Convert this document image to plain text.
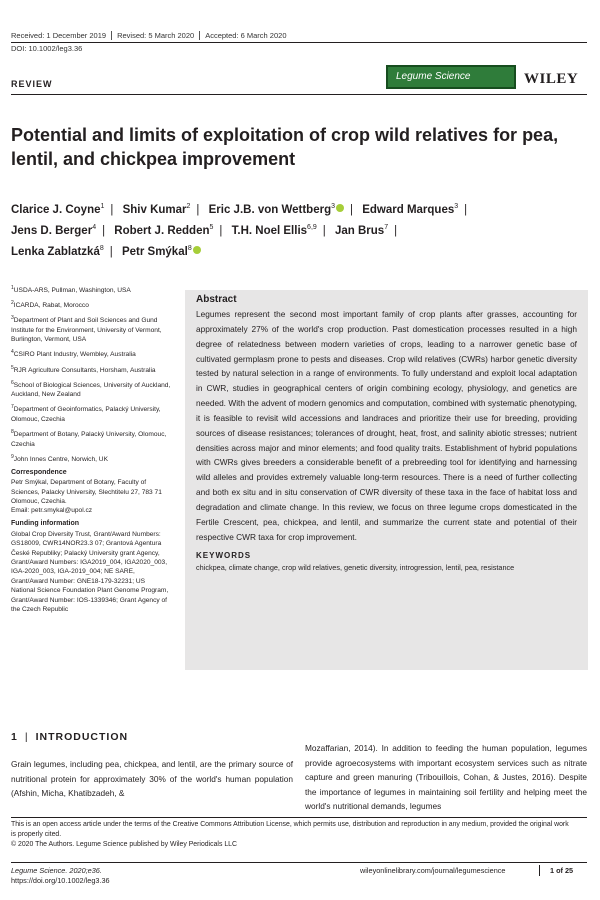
Received: 1 December 2019 Revised: 5 March 2020 Accepted: 6 March 2020
DOI: 10.1002/leg3.36
REVIEW
Legume Science	WILEY
Potential and limits of exploitation of crop wild relatives for pea, lentil, and chickpea improvement
Clarice J. Coyne$^1$ | Shiv Kumar$^2$ | Eric J.B. von Wettberg$^3$ | Edward Marques$^3$ |
Jens D. Berger$^4$ | Robert J. Redden$^5$ | T.H. Noel Ellis$^{6,9}$ | Jan Brus$^7$ |
Lenka Zablatzká$^8$ | Petr Smýkal$^8$

$^1$USDA-ARS, Pullman, Washington, USA

$^2$ICARDA, Rabat, Morocco

$^3$Department of Plant and Soil Sciences and Gund Institute for the Environment, University of Vermont, Burlington, Vermont, USA

$^4$CSIRO Plant Industry, Wembley, Australia

$^5$RJR Agriculture Consultants, Horsham, Australia

$^6$School of Biological Sciences, University of Auckland, Auckland, New Zealand

$^7$Department of Geoinformatics, Palacký University, Olomouc, Czechia

$^8$Department of Botany, Palacký University, Olomouc, Czechia

$^9$John Innes Centre, Norwich, UK

Correspondence

Petr Smýkal, Department of Botany, Faculty of Sciences, Palacky University, Slechtitelu 27, 783 71 Olomouc, Czechia.
Email: petr.smykal@upol.cz

Funding information

Global Crop Diversity Trust, Grant/Award Numbers: GS18009, CWR14NOR23.3 07; Grantová Agentura České Republiky; Palacký University grant Agency, Grant/Award Numbers: IGA2019_004, IGA2020_003, IGA-2020_003, IGA-2019_004; NE SARE, Grant/Award Number: GNE18-179-32231; US National Science Foundation Plant Genome Program, Grant/Award Number: IOS-1339346; Grant Agency of the Czech Republic

Abstract
Legumes represent the second most important family of crop plants after grasses, accounting for approximately 27% of the world's crop production. Past domestication processes resulted in a high degree of relatedness between modern varieties of crops, leading to a narrower genetic base of cultivated germplasm prone to pests and diseases. Crop wild relatives (CWRs) harbor genetic diversity tested by natural selection in a range of environments. To fully understand and exploit local adaptation in CWR, studies in geographical centers of origin combining ecology, physiology, and genetics are needed. With the advent of modern genomics and computation, combined with systematic phenotyping, it is feasible to revisit wild accessions and landraces and prioritize their use for breeding, providing sources of disease resistances; tolerances of drought, heat, frost, and salinity abiotic stresses; nutrient densities across major and minor elements; and food quality traits. Establishment of hybrid populations with CWRs gives breeders a considerable benefit of a prebreeding tool for identifying and harnessing wild alleles and provides extremely valuable long-term resources. There is a need of further collecting and both ex situ and in situ conservation of CWR diversity of these taxa in the face of habitat loss and degradation and climate change. In this review, we focus on three legume crops domesticated in the Fertile Crescent, pea, chickpea, and lentil, and summarize the current state and potential of their respective CWR taxa for crop improvement.
KEYWORDS
chickpea, climate change, crop wild relatives, genetic diversity, introgression, lentil, pea, resistance
1 | INTRODUCTION
Grain legumes, including pea, chickpea, and lentil, are the primary source of nutritional protein for approximately 30% of the world's human population (Afshin, Micha, Khatibzadeh, &
Mozaffarian, 2014). In addition to feeding the human population, legumes provide agroecosystems with important ecosystem services such as nitrate capture and green manuring (Tribouillois, Cohan, & Justes, 2016). Despite the importance of legumes in maintaining soil fertility and helping meet the world's nutritional demands, legumes
This is an open access article under the terms of the Creative Commons Attribution License, which permits use, distribution and reproduction in any medium, provided the original work is properly cited.
© 2020 The Authors. Legume Science published by Wiley Periodicals LLC
Legume Science. 2020;e36.
https://doi.org/10.1002/leg3.36
wileyonlinelibrary.com/journal/legumescience	1 of 25
